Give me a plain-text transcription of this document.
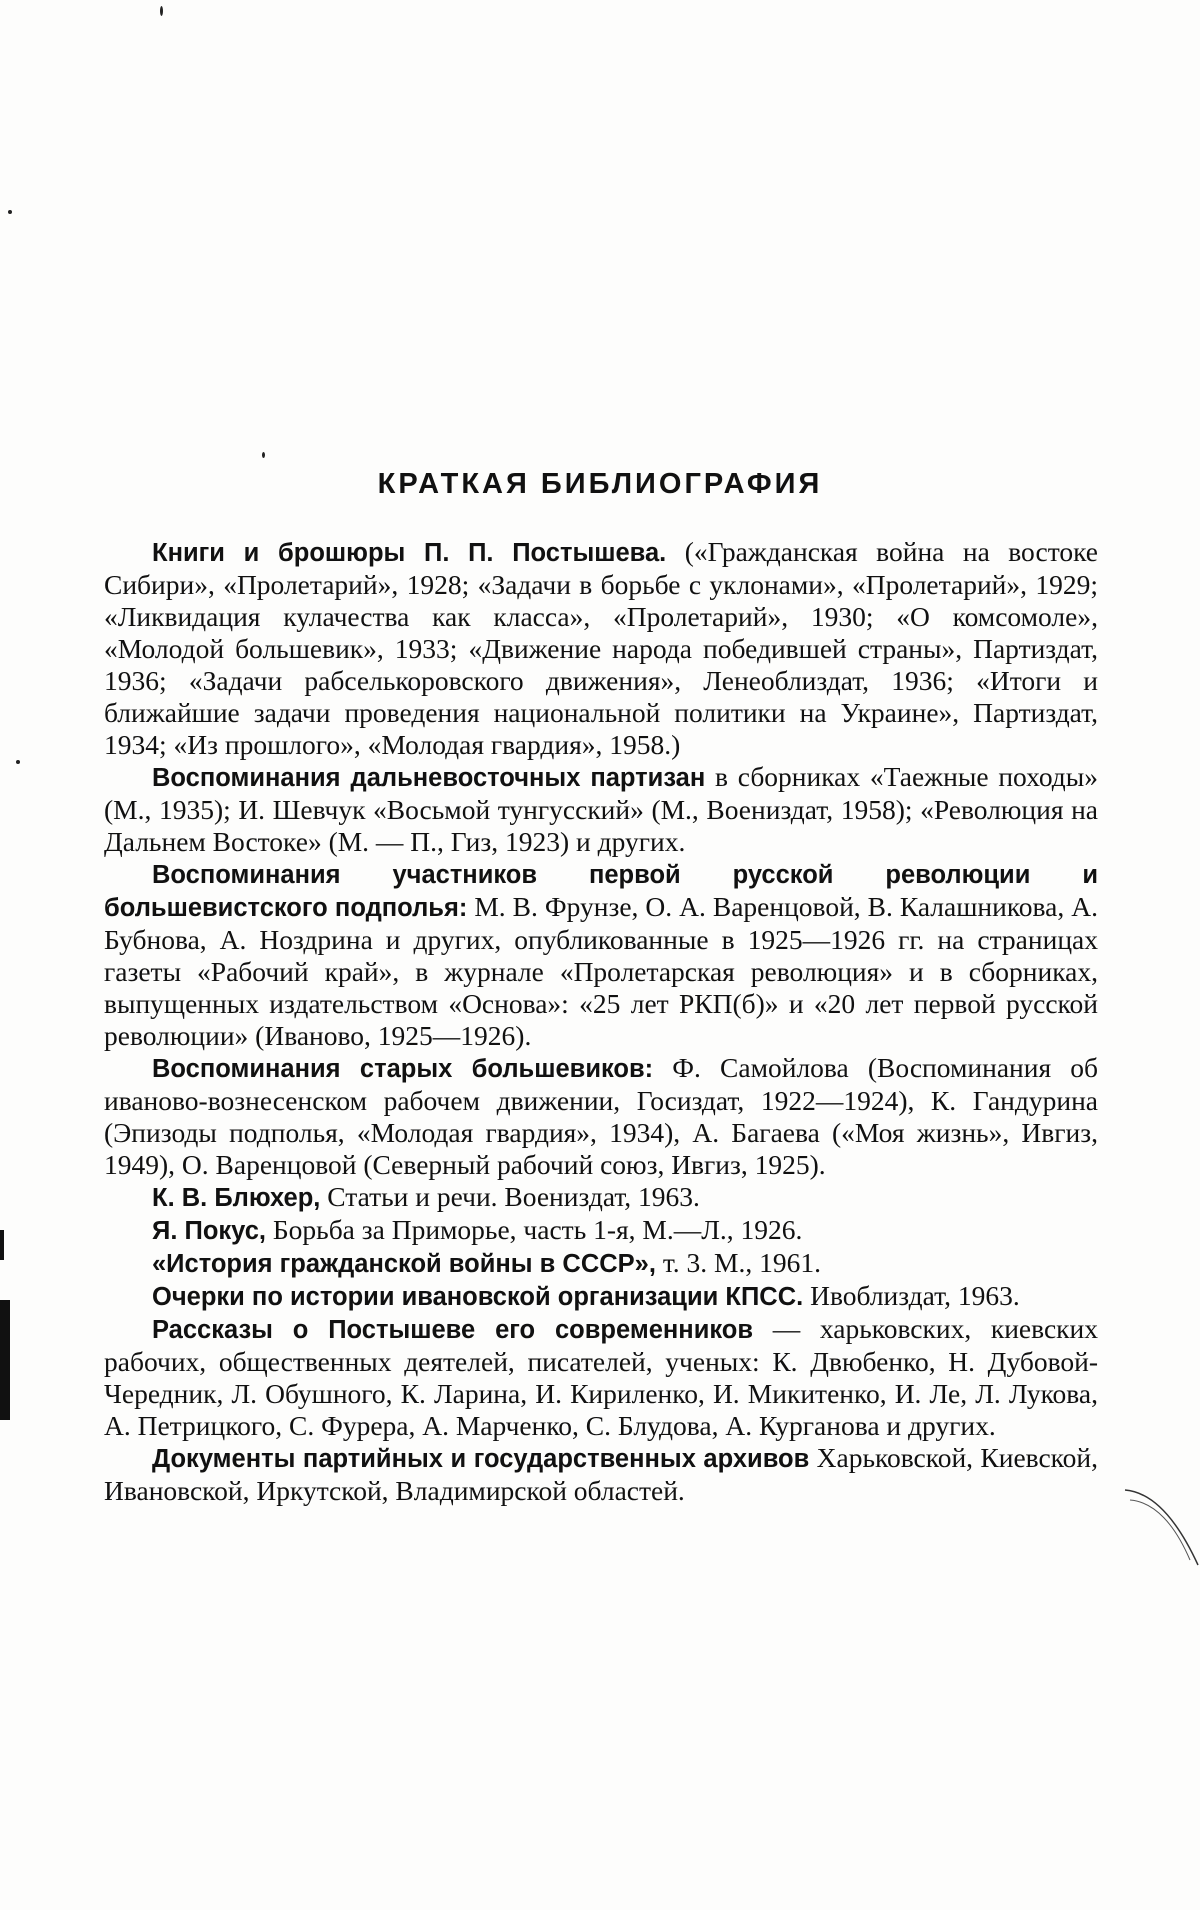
КРАТКАЯ БИБЛИОГРАФИЯ

Книги и брошюры П. П. Постышева. («Гражданская война на востоке Сибири», «Пролетарий», 1928; «Задачи в борьбе с уклонами», «Пролетарий», 1929; «Ликвидация кулачества как класса», «Пролетарий», 1930; «О комсомоле», «Молодой большевик», 1933; «Движение народа победившей страны», Партиздат, 1936; «Задачи рабселькоровского движения», Ленеоблиздат, 1936; «Итоги и ближайшие задачи проведения национальной политики на Украине», Партиздат, 1934; «Из прошлого», «Молодая гвардия», 1958.)

Воспоминания дальневосточных партизан в сборниках «Таежные походы» (М., 1935); И. Шевчук «Восьмой тунгусский» (М., Воениздат, 1958); «Революция на Дальнем Востоке» (М. — П., Гиз, 1923) и других.

Воспоминания участников первой русской революции и большевистского подполья: М. В. Фрунзе, О. А. Варенцовой, В. Калашникова, А. Бубнова, А. Ноздрина и других, опубликованные в 1925—1926 гг. на страницах газеты «Рабочий край», в журнале «Пролетарская революция» и в сборниках, выпущенных издательством «Основа»: «25 лет РКП(б)» и «20 лет первой русской революции» (Иваново, 1925—1926).

Воспоминания старых большевиков: Ф. Самойлова (Воспоминания об иваново-вознесенском рабочем движении, Госиздат, 1922—1924), К. Гандурина (Эпизоды подполья, «Молодая гвардия», 1934), А. Багаева («Моя жизнь», Ивгиз, 1949), О. Варенцовой (Северный рабочий союз, Ивгиз, 1925).

К. В. Блюхер, Статьи и речи. Воениздат, 1963.

Я. Покус, Борьба за Приморье, часть 1-я, М.—Л., 1926.

«История гражданской войны в СССР», т. 3. М., 1961.

Очерки по истории ивановской организации КПСС. Ивоблиздат, 1963.

Рассказы о Постышеве его современников — харьковских, киевских рабочих, общественных деятелей, писателей, ученых: К. Двюбенко, Н. Дубовой-Чередник, Л. Обушного, К. Ларина, И. Кириленко, И. Микитенко, И. Ле, Л. Лукова, А. Петрицкого, С. Фурера, А. Марченко, С. Блудова, А. Курганова и других.

Документы партийных и государственных архивов Харьковской, Киевской, Ивановской, Иркутской, Владимирской областей.
